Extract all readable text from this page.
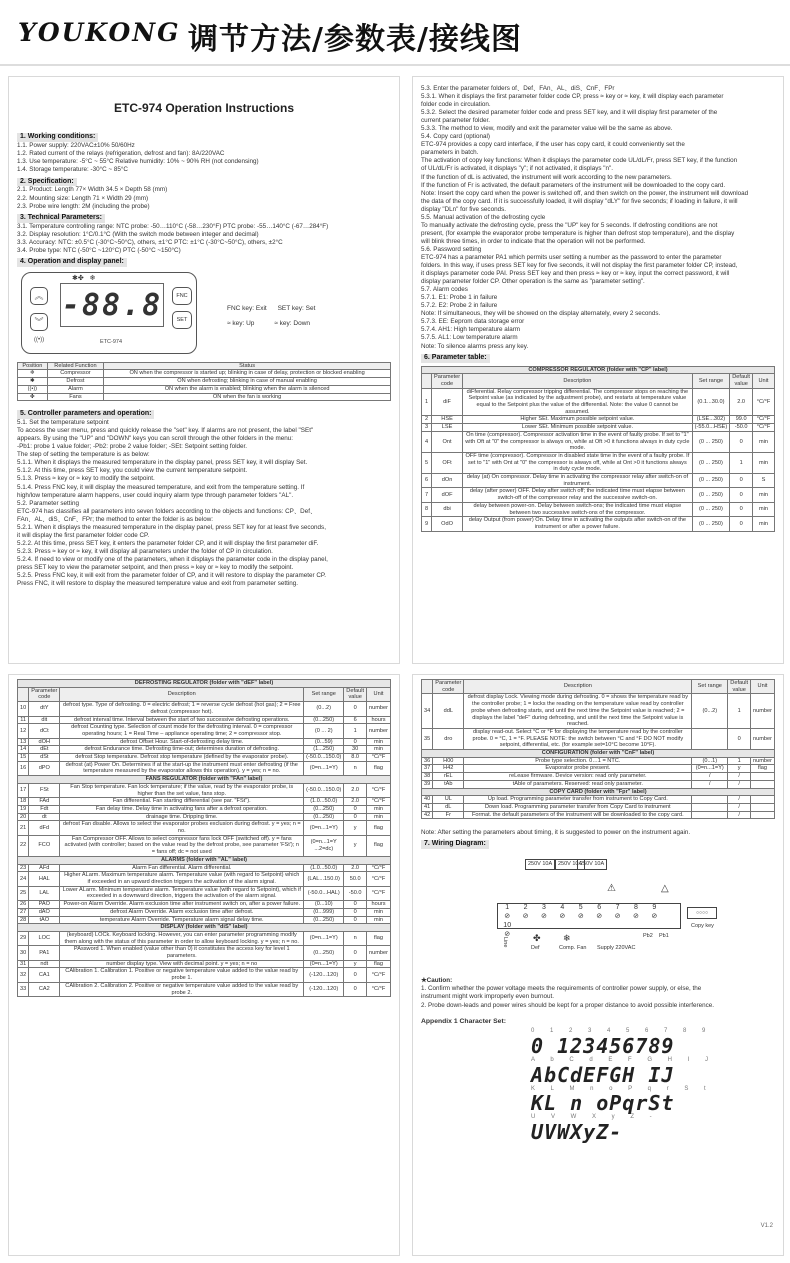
YOUKONG 调节方法/参数表/接线图
ETC-974 Operation Instructions
1. Working conditions:
1.1. Power supply: 220VAC±10% 50/60Hz
1.2. Rated current of the relays (refrigeration, defrost and fan): 8A/220VAC
1.3. Use temperature: -5°C ~ 55°C Relative humidity: 10% ~ 90% RH (not condensing)
1.4. Storage temperature: -30°C ~ 85°C
2. Specification:
2.1. Product: Length 77× Width 34.5 × Depth 58 (mm)
2.2. Mounting size: Length 71 × Width 29 (mm)
2.3. Probe wire length: 2M (including the probe)
3. Technical Parameters:
3.1. Temperature controlling range: NTC probe: -50…110°C (-58…230°F) PTC probe: -55…140°C (-67…284°F)
3.2. Display resolution: 1°C/0.1°C (With the switch mode between integer and decimal)
3.3. Accuracy: NTC: ±0.5°C (-30°C~50°C), others, ±1°C PTC: ±1°C (-30°C~50°C), others, ±2°C
3.4. Probe type: NTC (-50°C ~120°C) PTC (-50°C ~150°C)
4. Operation and display panel:
✱✤   ❄
︽
︾ -88.8	FNC
SET
((•))	ETC-974
FNC key: Exit SET key: Set
≈ key: Up	≈ key: Down
Position	Related Function	Status
❄	Compressor	ON when the compressor is started up; blinking in case of delay, protection or blocked enabling
✱	Defrost	ON when defrosting; blinking in case of manual enabling
((•))	Alarm	ON when the alarm is enabled; blinking when the alarm is silenced
✤	Fans	ON when the fan is working
5. Controller parameters and operation:
5.1. Set the temperature setpoint
To access the user menu, press and quickly release the "set" key. If alarms are not present, the label "SEt"
appears. By using the "UP" and "DOWN" keys you can scroll through the other folders in the menu:
-Pb1: probe 1 value folder; -Pb2: probe 2 value folder; -SEt: Setpoint setting folder.
The step of setting the temperature is as below:
5.1.1. When it displays the measured temperature in the display panel, press SET key, it will display Set.
5.1.2. At this time, press SET key, you could view the current temperature setpoint.
5.1.3. Press ≈ key or ≈ key to modify the setpoint.
5.1.4. Press FNC key, it will display the measured temperature, and exit from the temperature setting. If
high/low temperature alarm happens, user could inquiry alarm type through parameter folders "AL".
5.2. Parameter setting
ETC-974 has classifies all parameters into seven folders according to the objects and functions: CP、Def、
FAn、AL、diS、CnF、FPr; the method to enter the folder is as below:
5.2.1. When it displays the measured temperature in the display panel, press SET key for at least five seconds,
it will display the first parameter folder code CP.
5.2.2. At this time, press SET key, it enters the parameter folder CP, and it will display the first parameter diF.
5.2.3. Press ≈ key or ≈ key, it will display all parameters under the folder of CP in circulation.
5.2.4. If need to view or modify one of the parameters, when it displays the parameter code in the display panel,
press SET key to view the parameter setpoint, and then press ≈ key or ≈ key to modify the setpoint.
5.2.5. Press FNC key, it will exit from the parameter folder of CP, and it will restore to display the parameter CP.
Press FNC, it will restore to display the measured temperature value and exit from parameter setting.
5.3. Enter the parameter folders of、Def、FAn、AL、diS、CnF、FPr
5.3.1. When it displays the first parameter folder code CP, press ≈ key or ≈ key, it will display each parameter
folder code in circulation.
5.3.2. Select the desired parameter folder code and press SET key, and it will display first parameter of the
current parameter folder.
5.3.3. The method to view, modify and exit the parameter value will be the same as above.
5.4. Copy card (optional)
ETC-974 provides a copy card interface, if the user has copy card, it could conveniently set the
parameters in batch.
The activation of copy key functions: When it displays the parameter code UL/dL/Fr, press SET key, if the function
of UL/dL/Fr is activated, it displays "y"; if not activated, it displays "n".
If the function of dL is activated, the instrument will work according to the new parameters.
If the function of Fr is activated, the default parameters of the instrument will be downloaded to the copy card.
Note: Insert the copy card when the power is switched off, and then switch on the power, the instrument will download
the data of the copy card. If it is successfully loaded, it will display "dLY" for five seconds; if loading in failure, it will
display "DLn" for five seconds.
5.5. Manual activation of the defrosting cycle
To manually activate the defrosting cycle, press the "UP" key for 5 seconds. If defrosting conditions are not
present, (for example the evaporator probe temperature is higher than defrost stop temperature), and the display
will blink three times, in order to indicate that the operation will not be performed.
5.6. Password setting
ETC-974 has a parameter PA1 which permits user setting a number as the password to enter the parameter
folders. In this way, if uses press SET key for five seconds, it will not display the first parameter folder CP, instead,
it displays parameter code PAI. Press SET key and then press ≈ key or ≈ key, input the correct password, it will
display parameter folder CP. Other operation is the same as "parameter setting".
5.7. Alarm codes
5.7.1. E1: Probe 1 in failure
5.7.2. E2: Probe 2 in failure
Note: If simultaneous, they will be showed on the display alternately, every 2 seconds.
5.7.3. EE: Eeprom data storage error
5.7.4. AH1: High temperature alarm
5.7.5. AL1: Low temperature alarm
Note: To silence alarms press any key.
6. Parameter table:
COMPRESSOR REGULATOR (folder with "CP" label)					
	Parameter code	Description	Set range	Default value	Unit
1	diF	diFferential. Relay compressor tripping differential. The compressor stops on reaching the Setpoint value (as indicated by the adjustment probe), and restarts at temperature value equal to the Setpoint plus the value of the differential. Note: the value 0 cannot be assumed.	(0.1...30.0)	2.0	°C/°F
2	HSE	Higher SEt. Maximum possible setpoint value.	(LSE...302)	99.0	°C/°F
3	LSE	Lower SEt. Minimum possible setpoint value.	(-55.0...HSE)	-50.0	°C/°F
4	Ont	On time (compressor). Compressor activation time in the event of faulty probe. If set to "1" with Oft at "0" the compressor is always on, while at Oft >0 it functions always in duty cycle mode.	(0 ... 250)	0	min
5	OFt	OFF time (compressor). Compressor in disabled state time in the event of a faulty probe. If set to "1" with Ont at "0" the compressor is always off, while at Ont >0 it functions always in duty cycle mode.	(0 ... 250)	1	min
6	dOn	delay (at) On compressor. Delay time in activating the compressor relay after switch-on of instrument.	(0 ... 250)	0	S
7	dOF	delay (after power) OFF. Delay after switch off; the indicated time must elapse between switch-off of the compressor relay and the successive switch-on.	(0 ... 250)	0	min
8	dbi	delay between power-on. Delay between switch-ons; the indicated time must elapse between two successive switch-ons of the compressor.	(0 ... 250)	0	min
9	OdO	delay Output (from power) On. Delay time in activating the outputs after switch-on of the instrument or after a power failure.	(0 ... 250)	0	min
DEFROSTING REGULATOR (folder with "dEF" label)					
	Parameter code	Description	Set range	Default value	Unit
10	dtY	defrost type. Type of defrosting. 0 = electric defrost; 1 = reverse cycle defrost (hot gas); 2 = Free defrost (compressor hot).	(0...2)	0	number
11	dit	defrost interval time. Interval between the start of two successive defrosting operations.	(0...250)	6	hours
12	dCt	defrost Counting type. Selection of count mode for the defrosting interval. 0 = compressor operating hours; 1 = Real Time – appliance operating time; 2 = compressor stop.	(0 ... 2)	1	number
13	dOH	defrost Offset Hour. Start-of-defrosting delay time.	(0...59)	0	min
14	dEt	defrost Endurance time. Defrosting time-out; determines duration of defrosting.	(1...250)	30	min
15	dSt	defrost Stop temperature. Defrost stop temperature (defined by the evaporator probe).	(-50.0...150.0)	8.0	°C/°F
16	dPO	defrost (at) Power On. Determines if at the start-up the instrument must enter defrosting (if the temperature measured by the evaporator allows this operation). y = yes; n = no.	(0=n...1=Y)	n	flag
FANS REGULATOR (folder with "FAn" label)					
17	FSt	Fan Stop temperature. Fan lock temperature; if the value, read by the evaporator probe, is higher than the set value, fans stop.	(-50.0...150.0)	2.0	°C/°F
18	FAd	Fan differential. Fan starting differential (see par. "FSt").	(1.0...50.0)	2.0	°C/°F
19	Fdt	Fan delay time. Delay time in activating fans after a defrost operation.	(0...250)	0	min
20	dt	drainage time. Dripping time.	(0...250)	0	min
21	dFd	defrost Fan disable. Allows to select the evaporator probes exclusion during defrost. y = yes; n = no.	(0=n...1=Y)	y	flag
22	FCO	Fan Compressor OFF. Allows to select compressor fans lock OFF (switched off). y = fans activated (with controller; based on the value read by the defrost probe, see parameter 'FSt'); n = fans off; dc = not used	(0=n...1=Y ...2=dc)	y	flag
ALARMS (folder with "AL" label)					
23	AFd	Alarm Fan differential. Alarm differential.	(1.0...50.0)	2.0	°C/°F
24	HAL	Higher ALarm. Maximum temperature alarm. Temperature value (with regard to Setpoint) which if exceeded in an upward direction triggers the activation of the alarm signal.	(LAL...150.0)	50.0	°C/°F
25	LAL	Lower ALarm. Minimum temperature alarm. Temperature value (with regard to Setpoint), which if exceeded in a downward direction, triggers the activation of the alarm signal.	(-50.0...HAL)	-50.0	°C/°F
26	PAO	Power-on Alarm Override. Alarm exclusion time after instrument switch on, after a power failure.	(0...10)	0	hours
27	dAO	defrost Alarm Override. Alarm exclusion time after defrost.	(0...999)	0	min
28	tAO	temperature Alarm Override. Temperature alarm signal delay time.	(0...250)	0	min
DISPLAY (folder with "diS" label)					
29	LOC	(keyboard) LOCk. Keyboard locking. However, you can enter parameter programming modify them along with the status of this parameter in order to allow keyboard locking. y = yes; n = no.	(0=n...1=Y)	n	flag
30	PA1	PAssword 1. When enabled (value other than 0) it constitutes the access key for level 1 parameters.	(0...250)	0	number
31	ndt	number display type. View with decimal point. y = yes; n = no	(0=n...1=Y)	y	flag
32	CA1	CAlibration 1. Calibration 1. Positive or negative temperature value added to the value read by probe 1.	(-120...120)	0	°C/°F
33	CA2	CAlibration 2. Calibration 2. Positive or negative temperature value added to the value read by probe 2.	(-120...120)	0	°C/°F
	Parameter code	Description	Set range	Default value	Unit
34	ddL	defrost display Lock. Viewing mode during defrosting. 0 = shows the temperature read by the controller probe; 1 = locks the reading on the temperature value read by controller probe when defrosting starts, and until the next time the Setpoint value is reached; 2 = displays the label "deF" during defrosting, and until the next time the Setpoint value is reached.	(0...2)	1	number
35	dro	display read-out. Select °C or °F for displaying the temperature read by the controller probe. 0 = °C, 1 = °F. PLEASE NOTE: the switch between °C and °F DO NOT modify setpoint, differential, etc. (for example set=10°C become 10°F).		0	number
CONFIGURATION (folder with "CnF" label)					
36	H00	Probe type selection. 0…1 = NTC.	(0...1)	1	number
37	H42	Evaporator probe present.	(0=n...1=Y)	y	flag
38	rEL	reLease firmware. Device version: read only parameter.	/	/	
39	tAb	tAble of parameters. Reserved: read only parameter.	/	/	
COPY CARD (folder with "Fpr" label)					
40	UL	Up load. Programming parameter transfer from instrument to Copy Card.		/	
41	dL	Down load. Programming parameter transfer from Copy Card to instrument		/	
42	Fr	Format. the default parameters of the instrument will be downloaded to the copy card.		/	
Note: After setting the parameters about timing, it is suggested to power on the instrument again.
7. Wiring Diagram:
250V 10A	250V 10A
250V 10A
⚠	△
1
⊘2
⊘3
⊘4
⊘5
⊘6
⊘7
⊘8
⊘9
⊘10
⊘
○○○○
Copy key
Line
Def	Comp. Fan Supply 220VAC
Pb2 Pb1
✤ ❄
★Caution:
1. Confirm whether the power voltage meets the requirements of controller power supply, or else, the
instrument might work improperly even burnout.
2. Probe down-leads and power wires should be kept for a proper distance to avoid possible interference.
Appendix 1 Character Set:
0 1 2 3 4 5 6 7 8 9
0 123456789
A b C d E F G H I J
AbCdEFGH IJ
K L M n o P q r S t
KL n oPqrSt
U V W X y Z -
UVWXyZ-
V1.2
